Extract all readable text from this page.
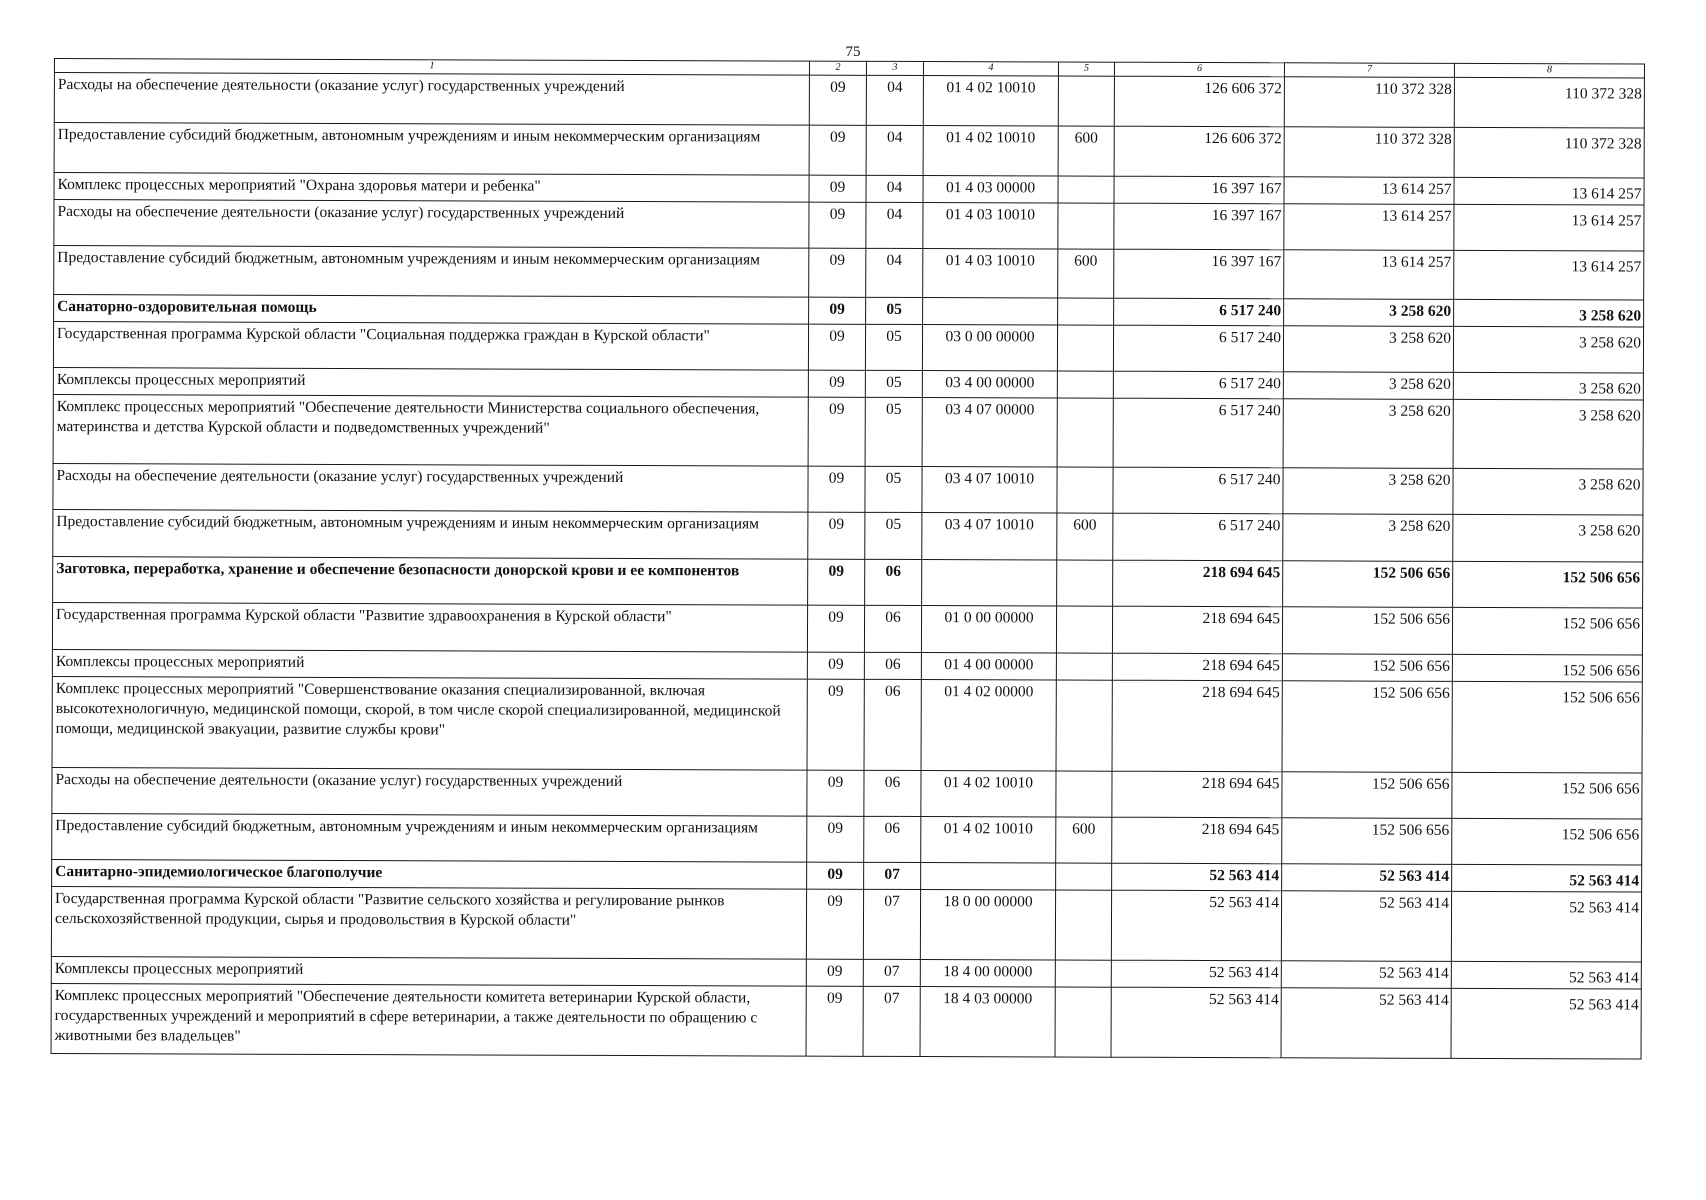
75
1	2	3	4	5	6	7	8
Расходы на обеспечение деятельности (оказание услуг) государственных учреждений	09	04	01 4 02 10010		126 606 372	110 372 328	110 372 328
Предоставление субсидий бюджетным, автономным учреждениям и иным некоммерческим организациям	09	04	01 4 02 10010	600	126 606 372	110 372 328	110 372 328
Комплекс процессных мероприятий "Охрана здоровья матери и ребенка"	09	04	01 4 03 00000		16 397 167	13 614 257	13 614 257
Расходы на обеспечение деятельности (оказание услуг) государственных учреждений	09	04	01 4 03 10010		16 397 167	13 614 257	13 614 257
Предоставление субсидий бюджетным, автономным учреждениям и иным некоммерческим организациям	09	04	01 4 03 10010	600	16 397 167	13 614 257	13 614 257
Санаторно-оздоровительная помощь	09	05			6 517 240	3 258 620	3 258 620
Государственная программа Курской области "Социальная поддержка граждан в Курской области"	09	05	03 0 00 00000		6 517 240	3 258 620	3 258 620
Комплексы процессных мероприятий	09	05	03 4 00 00000		6 517 240	3 258 620	3 258 620
Комплекс процессных мероприятий "Обеспечение деятельности Министерства социального обеспечения, материнства и детства Курской области и подведомственных учреждений"	09	05	03 4 07 00000		6 517 240	3 258 620	3 258 620
Расходы на обеспечение деятельности (оказание услуг) государственных учреждений	09	05	03 4 07 10010		6 517 240	3 258 620	3 258 620
Предоставление субсидий бюджетным, автономным учреждениям и иным некоммерческим организациям	09	05	03 4 07 10010	600	6 517 240	3 258 620	3 258 620
Заготовка, переработка, хранение и обеспечение безопасности донорской крови и ее компонентов	09	06			218 694 645	152 506 656	152 506 656
Государственная программа Курской области "Развитие здравоохранения в Курской области"	09	06	01 0 00 00000		218 694 645	152 506 656	152 506 656
Комплексы процессных мероприятий	09	06	01 4 00 00000		218 694 645	152 506 656	152 506 656
Комплекс процессных мероприятий "Совершенствование оказания специализированной, включая высокотехнологичную, медицинской помощи, скорой, в том числе скорой специализированной, медицинской помощи, медицинской эвакуации, развитие службы крови"	09	06	01 4 02 00000		218 694 645	152 506 656	152 506 656
Расходы на обеспечение деятельности (оказание услуг) государственных учреждений	09	06	01 4 02 10010		218 694 645	152 506 656	152 506 656
Предоставление субсидий бюджетным, автономным учреждениям и иным некоммерческим организациям	09	06	01 4 02 10010	600	218 694 645	152 506 656	152 506 656
Санитарно-эпидемиологическое благополучие	09	07			52 563 414	52 563 414	52 563 414
Государственная программа Курской области "Развитие сельского хозяйства и регулирование рынков сельскохозяйственной продукции, сырья и продовольствия в Курской области"	09	07	18 0 00 00000		52 563 414	52 563 414	52 563 414
Комплексы процессных мероприятий	09	07	18 4 00 00000		52 563 414	52 563 414	52 563 414
Комплекс процессных мероприятий "Обеспечение деятельности комитета ветеринарии Курской области, государственных учреждений и мероприятий в сфере ветеринарии, а также деятельности по обращению с животными без владельцев"	09	07	18 4 03 00000		52 563 414	52 563 414	52 563 414
